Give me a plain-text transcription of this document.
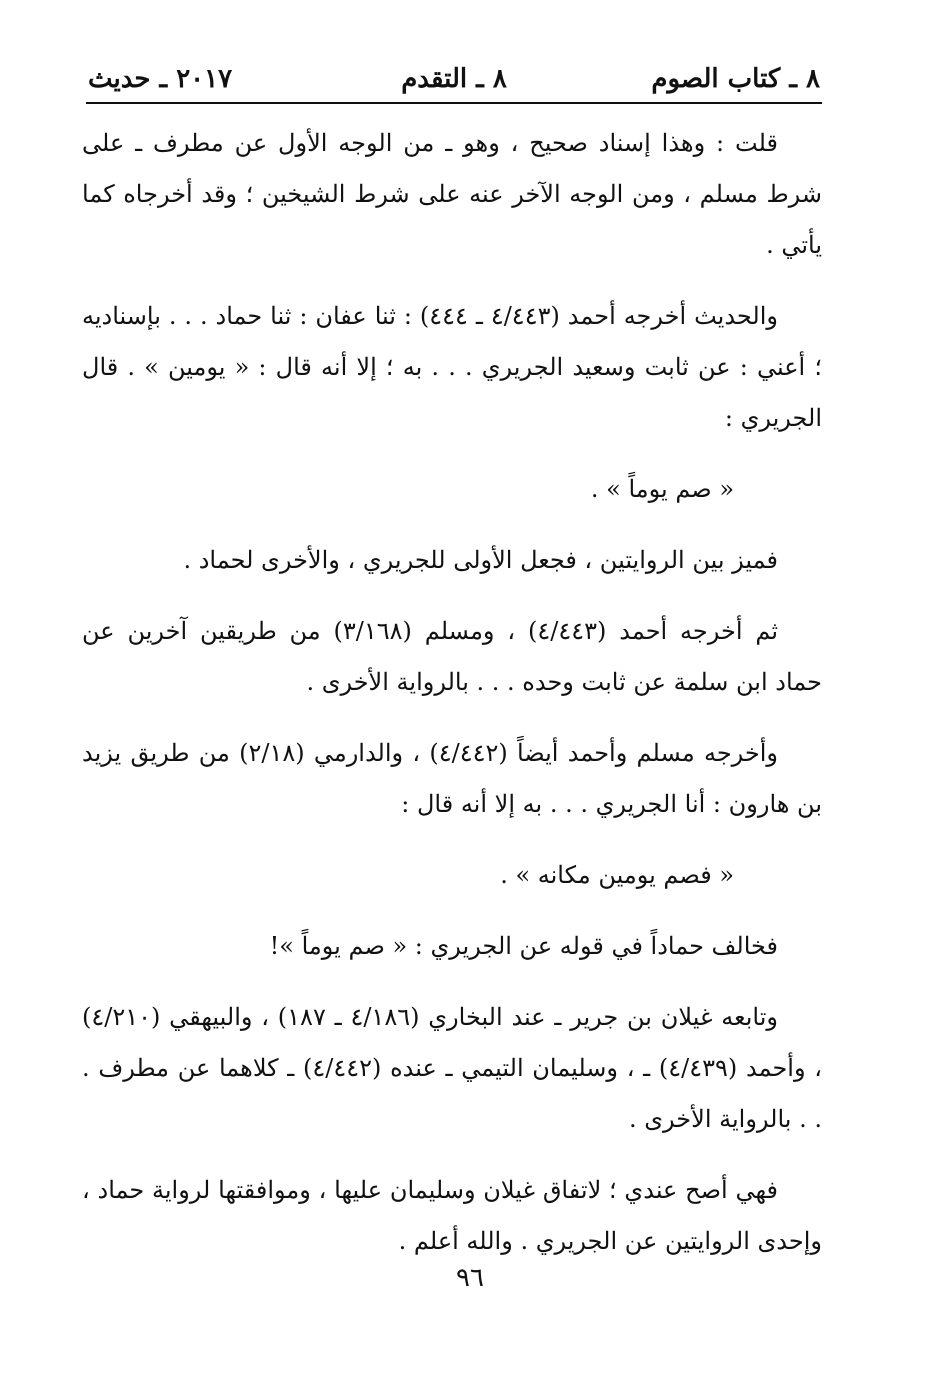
٨ ـ كتاب الصوم
٨ ـ التقدم
٢٠١٧ ـ حديث

قلت : وهذا إسناد صحيح ، وهو ـ من الوجه الأول عن مطرف ـ على شرط مسلم ، ومن الوجه الآخر عنه على شرط الشيخين ؛ وقد أخرجاه كما يأتي .

والحديث أخرجه أحمد (٤/٤٤٣ ـ ٤٤٤) : ثنا عفان : ثنا حماد . . . بإسناديه ؛ أعني : عن ثابت وسعيد الجريري . . . به ؛ إلا أنه قال : « يومين » . قال الجريري :

« صم يوماً » .

فميز بين الروايتين ، فجعل الأولى للجريري ، والأخرى لحماد .

ثم أخرجه أحمد (٤/٤٤٣) ، ومسلم (٣/١٦٨) من طريقين آخرين عن حماد ابن سلمة عن ثابت وحده . . . بالرواية الأخرى .

وأخرجه مسلم وأحمد أيضاً (٤/٤٤٢) ، والدارمي (٢/١٨) من طريق يزيد بن هارون : أنا الجريري . . . به إلا أنه قال :

« فصم يومين مكانه » .

فخالف حماداً في قوله عن الجريري : « صم يوماً »!

وتابعه غيلان بن جرير ـ عند البخاري (٤/١٨٦ ـ ١٨٧) ، والبيهقي (٤/٢١٠) ، وأحمد (٤/٤٣٩) ـ ، وسليمان التيمي ـ عنده (٤/٤٤٢) ـ كلاهما عن مطرف . . . بالرواية الأخرى .

فهي أصح عندي ؛ لاتفاق غيلان وسليمان عليها ، وموافقتها لرواية حماد ، وإحدى الروايتين عن الجريري . والله أعلم .

٩٦
